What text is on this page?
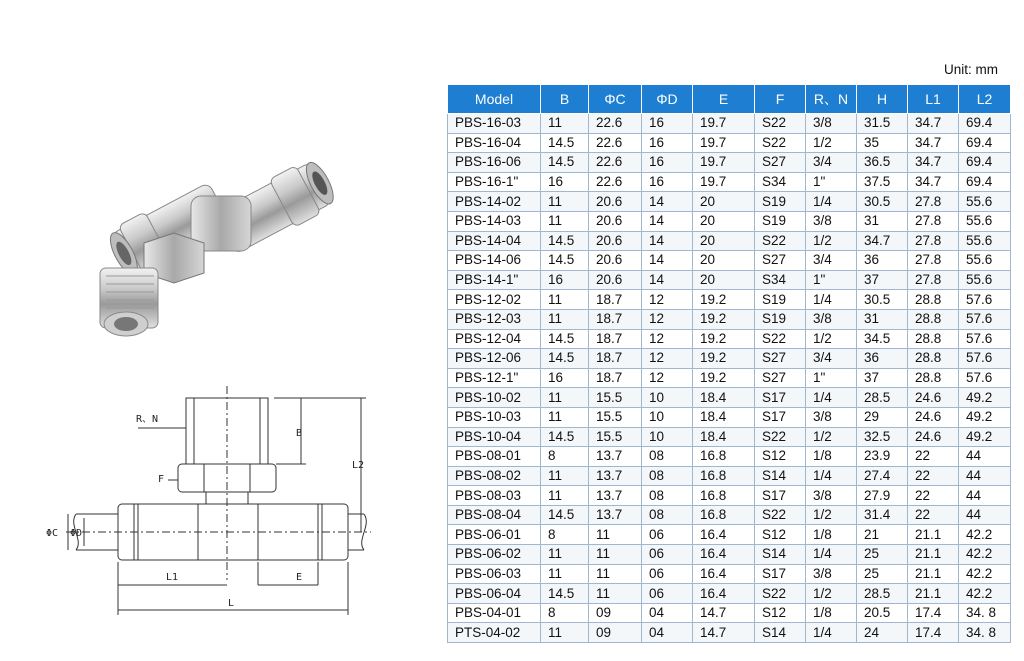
R、N
B
F
L2
ΦC ΦD
L1	E
L
Unit: mm
Model	B	ΦC	ΦD	E	F	R、N	H	L1	L2
PBS-16-03	11	22.6	16	19.7	S22	3/8	31.5	34.7	69.4
PBS-16-04	14.5	22.6	16	19.7	S22	1/2	35	34.7	69.4
PBS-16-06	14.5	22.6	16	19.7	S27	3/4	36.5	34.7	69.4
PBS-16-1"	16	22.6	16	19.7	S34	1"	37.5	34.7	69.4
PBS-14-02	11	20.6	14	20	S19	1/4	30.5	27.8	55.6
PBS-14-03	11	20.6	14	20	S19	3/8	31	27.8	55.6
PBS-14-04	14.5	20.6	14	20	S22	1/2	34.7	27.8	55.6
PBS-14-06	14.5	20.6	14	20	S27	3/4	36	27.8	55.6
PBS-14-1"	16	20.6	14	20	S34	1"	37	27.8	55.6
PBS-12-02	11	18.7	12	19.2	S19	1/4	30.5	28.8	57.6
PBS-12-03	11	18.7	12	19.2	S19	3/8	31	28.8	57.6
PBS-12-04	14.5	18.7	12	19.2	S22	1/2	34.5	28.8	57.6
PBS-12-06	14.5	18.7	12	19.2	S27	3/4	36	28.8	57.6
PBS-12-1"	16	18.7	12	19.2	S27	1"	37	28.8	57.6
PBS-10-02	11	15.5	10	18.4	S17	1/4	28.5	24.6	49.2
PBS-10-03	11	15.5	10	18.4	S17	3/8	29	24.6	49.2
PBS-10-04	14.5	15.5	10	18.4	S22	1/2	32.5	24.6	49.2
PBS-08-01	8	13.7	08	16.8	S12	1/8	23.9	22	44
PBS-08-02	11	13.7	08	16.8	S14	1/4	27.4	22	44
PBS-08-03	11	13.7	08	16.8	S17	3/8	27.9	22	44
PBS-08-04	14.5	13.7	08	16.8	S22	1/2	31.4	22	44
PBS-06-01	8	11	06	16.4	S12	1/8	21	21.1	42.2
PBS-06-02	11	11	06	16.4	S14	1/4	25	21.1	42.2
PBS-06-03	11	11	06	16.4	S17	3/8	25	21.1	42.2
PBS-06-04	14.5	11	06	16.4	S22	1/2	28.5	21.1	42.2
PBS-04-01	8	09	04	14.7	S12	1/8	20.5	17.4	34. 8
PTS-04-02	11	09	04	14.7	S14	1/4	24	17.4	34. 8
